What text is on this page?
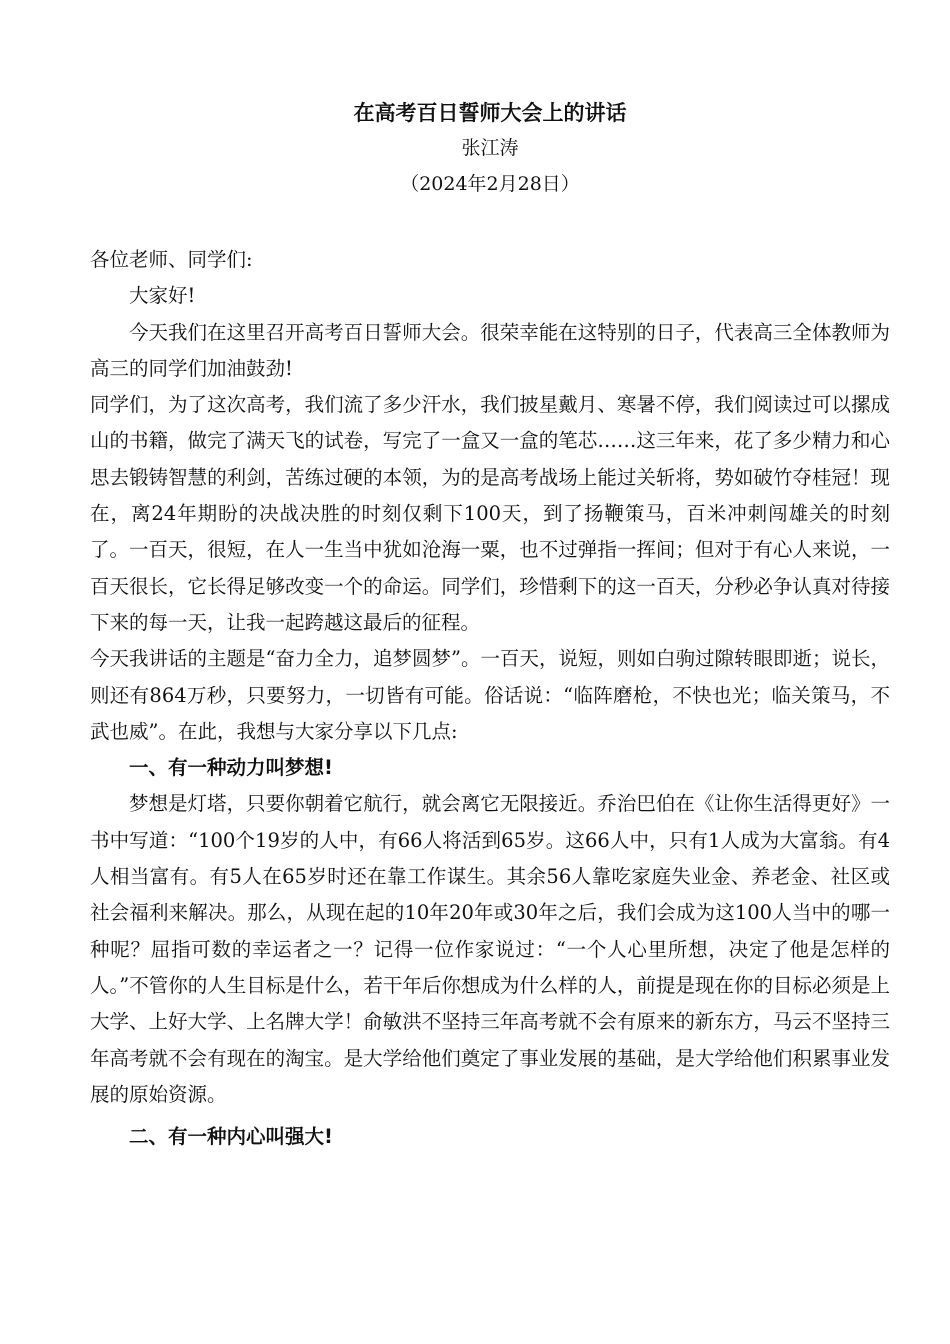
在高考百日誓师大会上的讲话
张江涛
（2024年2月28日）

各位老师、同学们:

大家好!

今天我们在这里召开高考百日誓师大会。很荣幸能在这特别的日子，代表高三全体教师为高三的同学们加油鼓劲!

同学们，为了这次高考，我们流了多少汗水，我们披星戴月、寒暑不停，我们阅读过可以摞成山的书籍，做完了满天飞的试卷，写完了一盒又一盒的笔芯……这三年来，花了多少精力和心思去锻铸智慧的利剑，苦练过硬的本领，为的是高考战场上能过关斩将，势如破竹夺桂冠！现在，离24年期盼的决战决胜的时刻仅剩下100天，到了扬鞭策马，百米冲刺闯雄关的时刻了。一百天，很短，在人一生当中犹如沧海一粟，也不过弹指一挥间；但对于有心人来说，一百天很长，它长得足够改变一个的命运。同学们，珍惜剩下的这一百天，分秒必争认真对待接下来的每一天，让我一起跨越这最后的征程。

今天我讲话的主题是“奋力全力，追梦圆梦”。一百天，说短，则如白驹过隙转眼即逝；说长，则还有864万秒，只要努力，一切皆有可能。俗话说：“临阵磨枪，不快也光；临关策马，不武也威”。在此，我想与大家分享以下几点:

一、有一种动力叫梦想!

梦想是灯塔，只要你朝着它航行，就会离它无限接近。乔治巴伯在《让你生活得更好》一书中写道：“100个19岁的人中，有66人将活到65岁。这66人中，只有1人成为大富翁。有4人相当富有。有5人在65岁时还在靠工作谋生。其余56人靠吃家庭失业金、养老金、社区或社会福利来解决。那么，从现在起的10年20年或30年之后，我们会成为这100人当中的哪一种呢？屈指可数的幸运者之一？记得一位作家说过：“一个人心里所想，决定了他是怎样的人。”不管你的人生目标是什么，若干年后你想成为什么样的人，前提是现在你的目标必须是上大学、上好大学、上名牌大学！俞敏洪不坚持三年高考就不会有原来的新东方，马云不坚持三年高考就不会有现在的淘宝。是大学给他们奠定了事业发展的基础，是大学给他们积累事业发展的原始资源。

二、有一种内心叫强大!
